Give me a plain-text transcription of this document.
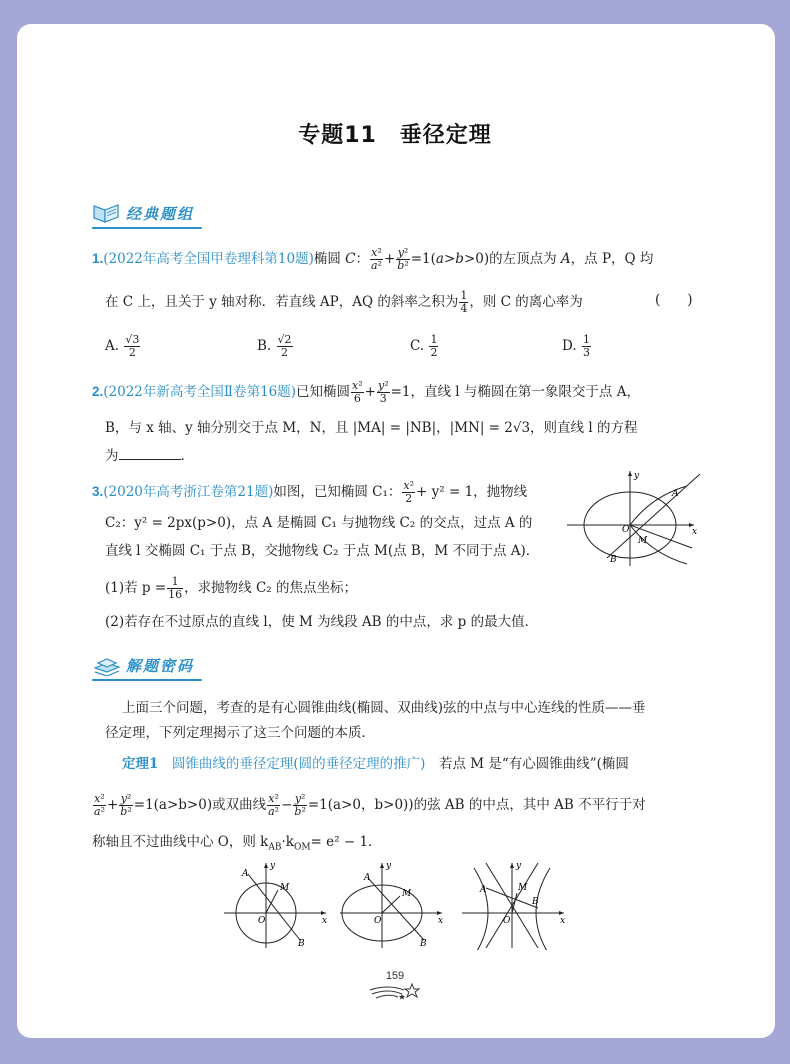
专题11　垂径定理
经典题组
1.(2022年高考全国甲卷理科第10题)椭圆 C： $\frac{\text{x²}}{\text{a²}} + \frac{\text{y²}}{\text{b²}} =1(a>b>0)$的左顶点为 A，点 P，Q 均
在 C 上，且关于 y 轴对称．若直线 AP，AQ 的斜率之积为 $\frac{1}{4}$ ，则 C 的离心率为	(　　)
A. $\frac{√3}{2}$	B. $\frac{√2}{2}$	C. $\frac{1}{2}$	D. $\frac{1}{3}$
2.(2022年新高考全国Ⅱ卷第16题)已知椭圆 $\frac{\text{x²}}{6} + \frac{\text{y²}}{3} =1$，直线 l 与椭圆在第一象限交于点 A，
B，与 x 轴、y 轴分别交于点 M，N，且 |MA| = |NB|，|MN| = 2√3，则直线 l 的方程
为	.
3.(2020年高考浙江卷第21题)如图，已知椭圆 C₁： $\frac{\text{x²}}{2} + y^2 = 1$，抛物线
C₂：y² = 2px(p>0)，点 A 是椭圆 C₁ 与抛物线 C₂ 的交点，过点 A 的
直线 l 交椭圆 C₁ 于点 B，交抛物线 C₂ 于点 M(点 B，M 不同于点 A)．
(1)若 $p = \frac{1}{16}$ ，求抛物线 C₂ 的焦点坐标；
(2)若存在不过原点的直线 l，使 M 为线段 AB 的中点，求 p 的最大值．
O
A
M
B
x
y
解题密码
上面三个问题，考查的是有心圆锥曲线(椭圆、双曲线)弦的中点与中心连线的性质——垂
径定理，下列定理揭示了这三个问题的本质．
定理1　 圆锥曲线的垂径定理(圆的垂径定理的推广)　 若点 M 是“有心圆锥曲线”(椭圆
$\frac{\text{x²}}{\text{a²}} + \frac{\text{y²}}{\text{b²}} =1(a>b>0)$或双曲线 $\frac{\text{x²}}{\text{a²}} - \frac{\text{y²}}{\text{b²}} =1(a>0$，b>0))的弦 AB 的中点，其中 AB 不平行于对
称轴且不过曲线中心 O，则 $k_{AB}\cdot k_{OM}= e^2 - 1$．
O
A
M
B
x
y
O
A
M
B
x
y
O
A	M
B
x
y
159
